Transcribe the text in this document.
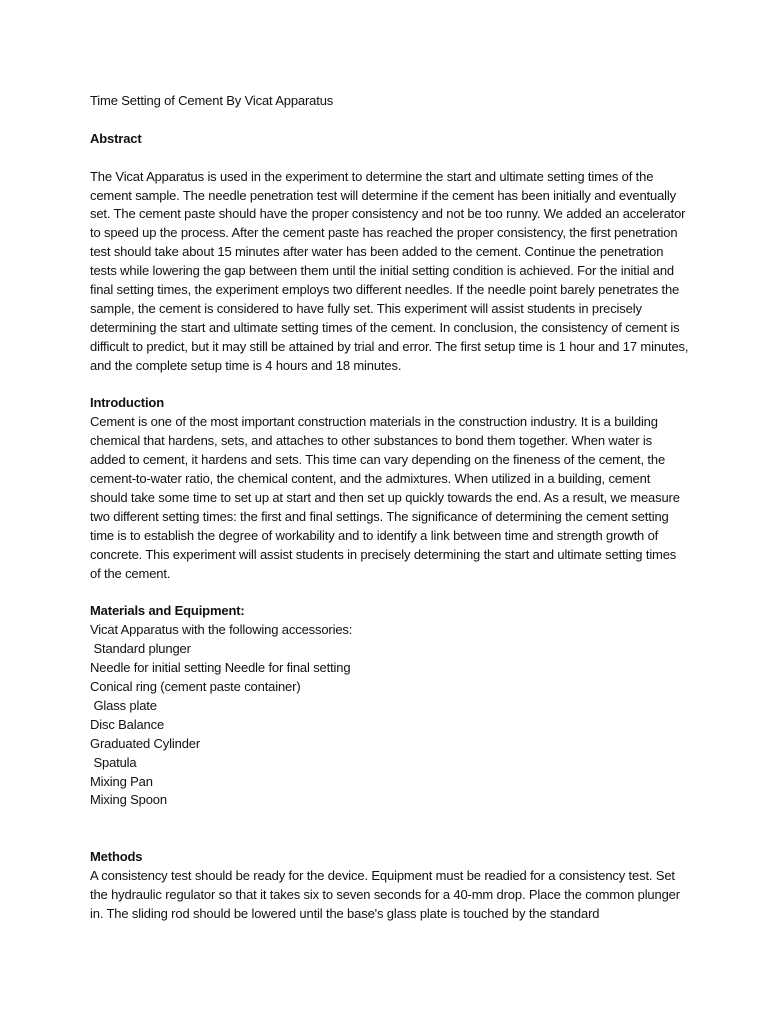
Time Setting of Cement By Vicat Apparatus
Abstract

The Vicat Apparatus is used in the experiment to determine the start and ultimate setting times of the cement sample. The needle penetration test will determine if the cement has been initially and eventually set. The cement paste should have the proper consistency and not be too runny. We added an accelerator to speed up the process. After the cement paste has reached the proper consistency, the first penetration test should take about 15 minutes after water has been added to the cement. Continue the penetration tests while lowering the gap between them until the initial setting condition is achieved. For the initial and final setting times, the experiment employs two different needles. If the needle point barely penetrates the sample, the cement is considered to have fully set. This experiment will assist students in precisely determining the start and ultimate setting times of the cement. In conclusion, the consistency of cement is difficult to predict, but it may still be attained by trial and error. The first setup time is 1 hour and 17 minutes, and the complete setup time is 4 hours and 18 minutes.

Introduction

Cement is one of the most important construction materials in the construction industry. It is a building chemical that hardens, sets, and attaches to other substances to bond them together. When water is added to cement, it hardens and sets. This time can vary depending on the fineness of the cement, the cement-to-water ratio, the chemical content, and the admixtures. When utilized in a building, cement should take some time to set up at start and then set up quickly towards the end. As a result, we measure two different setting times: the first and final settings. The significance of determining the cement setting time is to establish the degree of workability and to identify a link between time and strength growth of concrete. This experiment will assist students in precisely determining the start and ultimate setting times of the cement.

Materials and Equipment:

Vicat Apparatus with the following accessories:

Standard plunger
Needle for initial setting Needle for final setting
Conical ring (cement paste container)
Glass plate
Disc Balance
Graduated Cylinder
Spatula
Mixing Pan
Mixing Spoon
Methods

A consistency test should be ready for the device. Equipment must be readied for a consistency test. Set the hydraulic regulator so that it takes six to seven seconds for a 40-mm drop. Place the common plunger in. The sliding rod should be lowered until the base's glass plate is touched by the standard
